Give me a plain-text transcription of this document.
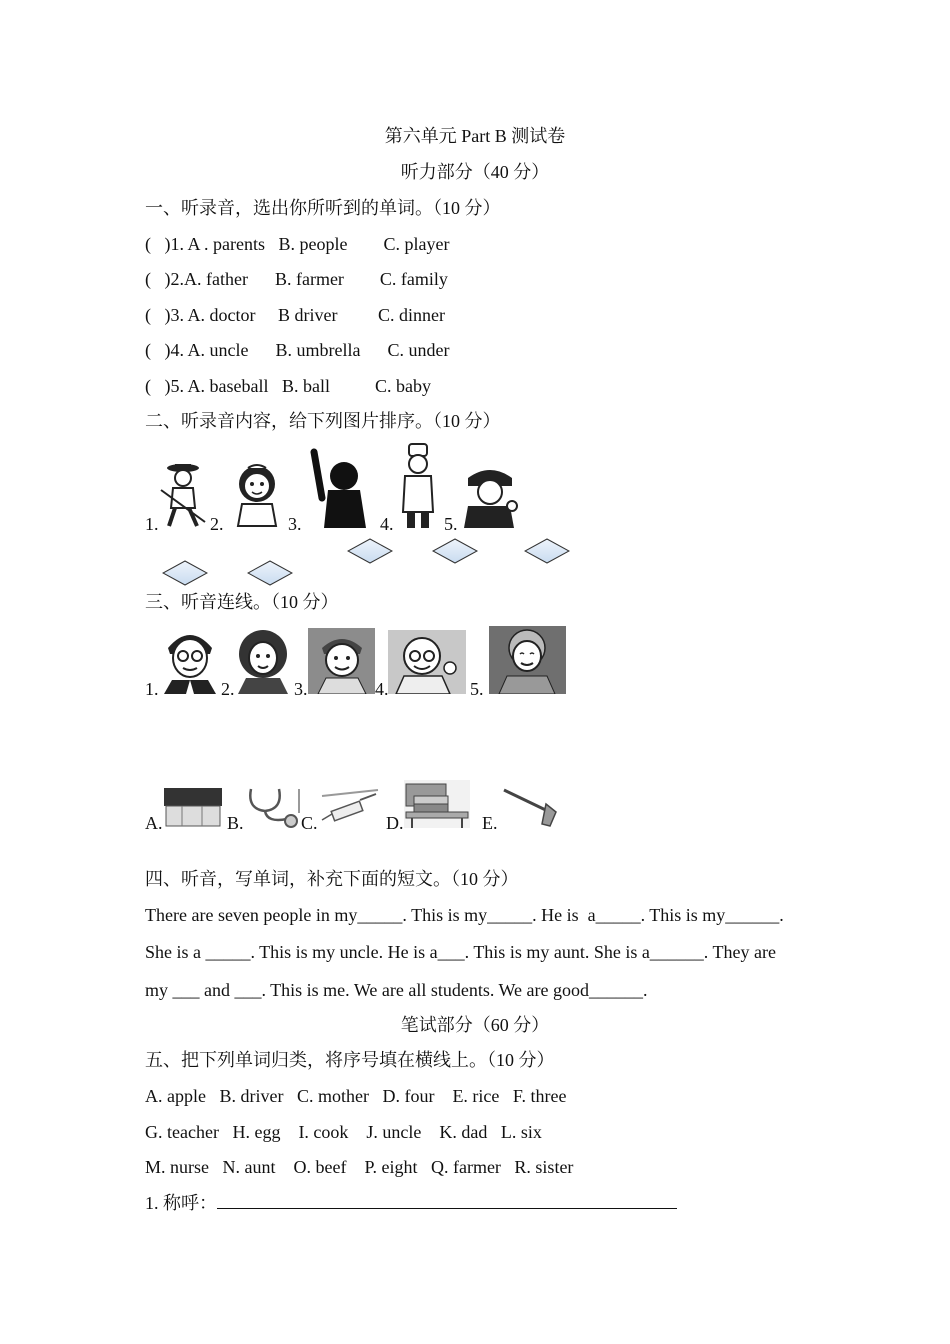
第六单元 Part B 测试卷
听力部分（40 分）
一、听录音，选出你所听到的单词。（10 分）
(   )1. A . parents   B. people        C. player
(   )2.A. father      B. farmer        C. family
(   )3. A. doctor     B driver         C. dinner
(   )4. A. uncle      B. umbrella      C. under
(   )5. A. baseball   B. ball          C. baby
二、听录音内容，给下列图片排序。（10 分）
1.	2.	3.	4.	5.
三、听音连线。（10 分）
1.	2.	3.	4.	5.
A.	B.	C.	D.	E.
四、听音，写单词，补充下面的短文。（10 分）
There are seven people in my_____. This is my_____. He is  a_____. This is my______.
She is a _____. This is my uncle. He is a___. This is my aunt. She is a______. They are
my ___ and ___. This is me. We are all students. We are good______.
笔试部分（60 分）
五、把下列单词归类，将序号填在横线上。（10 分）
A. apple   B. driver   C. mother   D. four    E. rice   F. three
G. teacher   H. egg    I. cook    J. uncle    K. dad   L. six
M. nurse   N. aunt    O. beef    P. eight   Q. farmer   R. sister
1. 称呼：
